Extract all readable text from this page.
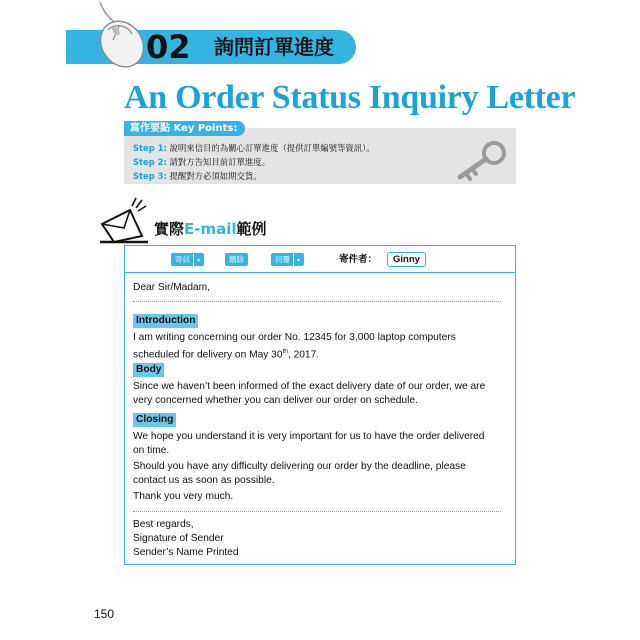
02 詢問訂單進度
An Order Status Inquiry Letter
寫作要點 Key Points:
Step 1: 說明來信目的為關心訂單進度（提供訂單編號等資訊）。
Step 2: 請對方告知目前訂單進度。
Step 3: 提醒對方必須如期交貨。
實際E-mail範例
寄信 ▾	刪除	回覆 ▾	寄件者：	Ginny
Dear Sir/Madam,
Introduction
I am writing concerning our order No. 12345 for 3,000 laptop computers
scheduled for delivery on May 30th, 2017.
Body
Since we haven’t been informed of the exact delivery date of our order, we are
very concerned whether you can deliver our order on schedule.
Closing
We hope you understand it is very important for us to have the order delivered
on time.
Should you have any difficulty delivering our order by the deadline, please
contact us as soon as possible.
Thank you very much.
Best regards,
Signature of Sender
Sender’s Name Printed
150
